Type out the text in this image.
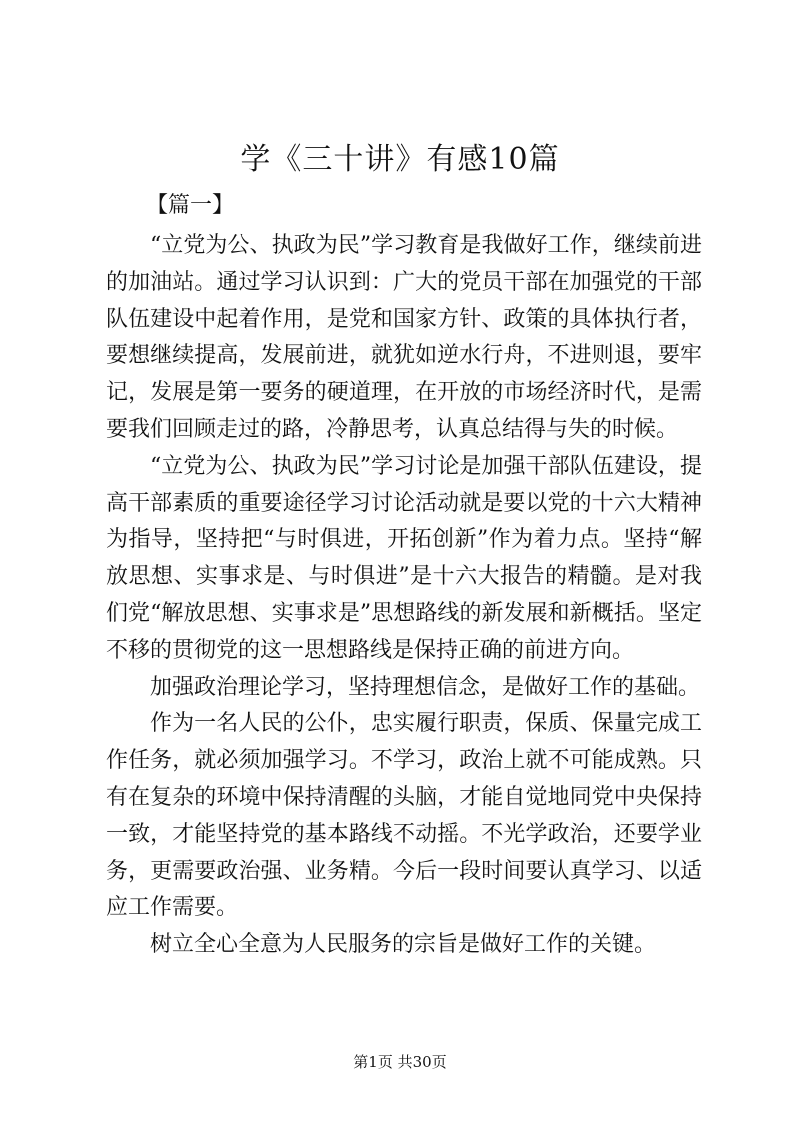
学《三十讲》有感10篇
【篇一】

“立党为公、执政为民”学习教育是我做好工作，继续前进的加油站。通过学习认识到：广大的党员干部在加强党的干部队伍建设中起着作用，是党和国家方针、政策的具体执行者，要想继续提高，发展前进，就犹如逆水行舟，不进则退，要牢记，发展是第一要务的硬道理，在开放的市场经济时代，是需要我们回顾走过的路，冷静思考，认真总结得与失的时候。

“立党为公、执政为民”学习讨论是加强干部队伍建设，提高干部素质的重要途径学习讨论活动就是要以党的十六大精神为指导，坚持把“与时俱进，开拓创新”作为着力点。坚持“解放思想、实事求是、与时俱进”是十六大报告的精髓。是对我们党“解放思想、实事求是”思想路线的新发展和新概括。坚定不移的贯彻党的这一思想路线是保持正确的前进方向。

加强政治理论学习，坚持理想信念，是做好工作的基础。

作为一名人民的公仆，忠实履行职责，保质、保量完成工作任务，就必须加强学习。不学习，政治上就不可能成熟。只有在复杂的环境中保持清醒的头脑，才能自觉地同党中央保持一致，才能坚持党的基本路线不动摇。不光学政治，还要学业务，更需要政治强、业务精。今后一段时间要认真学习、以适应工作需要。

树立全心全意为人民服务的宗旨是做好工作的关键。

第1页 共30页
